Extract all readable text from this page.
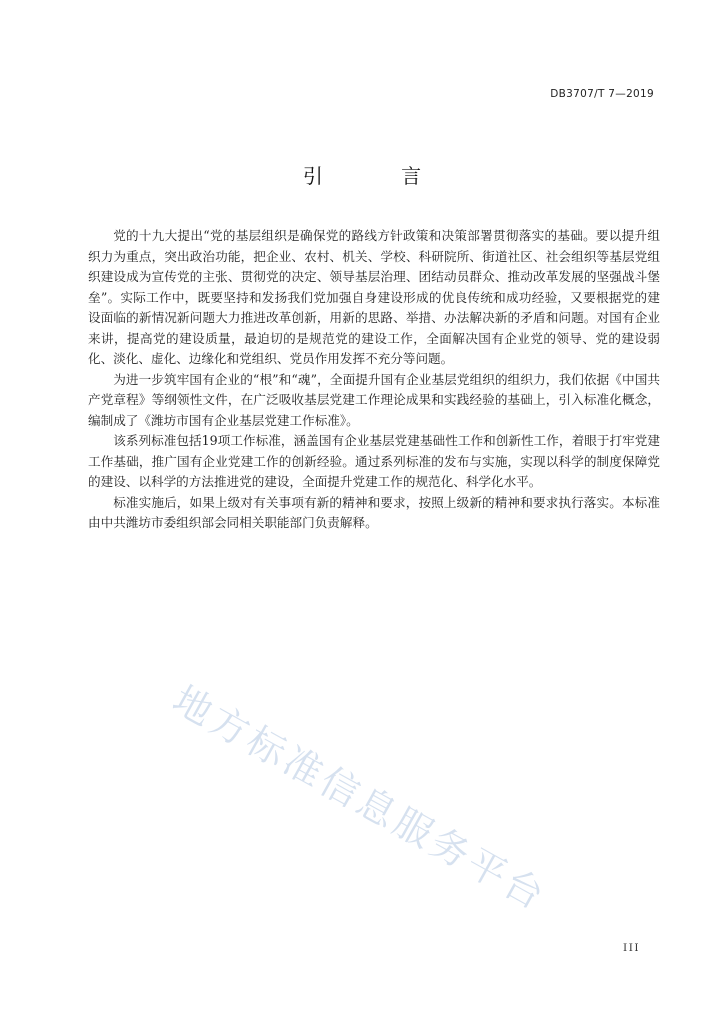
DB3707/T 7—2019
引 言

党的十九大提出“党的基层组织是确保党的路线方针政策和决策部署贯彻落实的基础。要以提升组织力为重点，突出政治功能，把企业、农村、机关、学校、科研院所、街道社区、社会组织等基层党组织建设成为宣传党的主张、贯彻党的决定、领导基层治理、团结动员群众、推动改革发展的坚强战斗堡垒”。实际工作中，既要坚持和发扬我们党加强自身建设形成的优良传统和成功经验，又要根据党的建设面临的新情况新问题大力推进改革创新，用新的思路、举措、办法解决新的矛盾和问题。对国有企业来讲，提高党的建设质量，最迫切的是规范党的建设工作，全面解决国有企业党的领导、党的建设弱化、淡化、虚化、边缘化和党组织、党员作用发挥不充分等问题。

为进一步筑牢国有企业的“根”和“魂”，全面提升国有企业基层党组织的组织力，我们依据《中国共产党章程》等纲领性文件，在广泛吸收基层党建工作理论成果和实践经验的基础上，引入标准化概念，编制成了《潍坊市国有企业基层党建工作标准》。

该系列标准包括19项工作标准，涵盖国有企业基层党建基础性工作和创新性工作，着眼于打牢党建工作基础，推广国有企业党建工作的创新经验。通过系列标准的发布与实施，实现以科学的制度保障党的建设、以科学的方法推进党的建设，全面提升党建工作的规范化、科学化水平。

标准实施后，如果上级对有关事项有新的精神和要求，按照上级新的精神和要求执行落实。本标准由中共潍坊市委组织部会同相关职能部门负责解释。

地方标准信息服务平台
III
